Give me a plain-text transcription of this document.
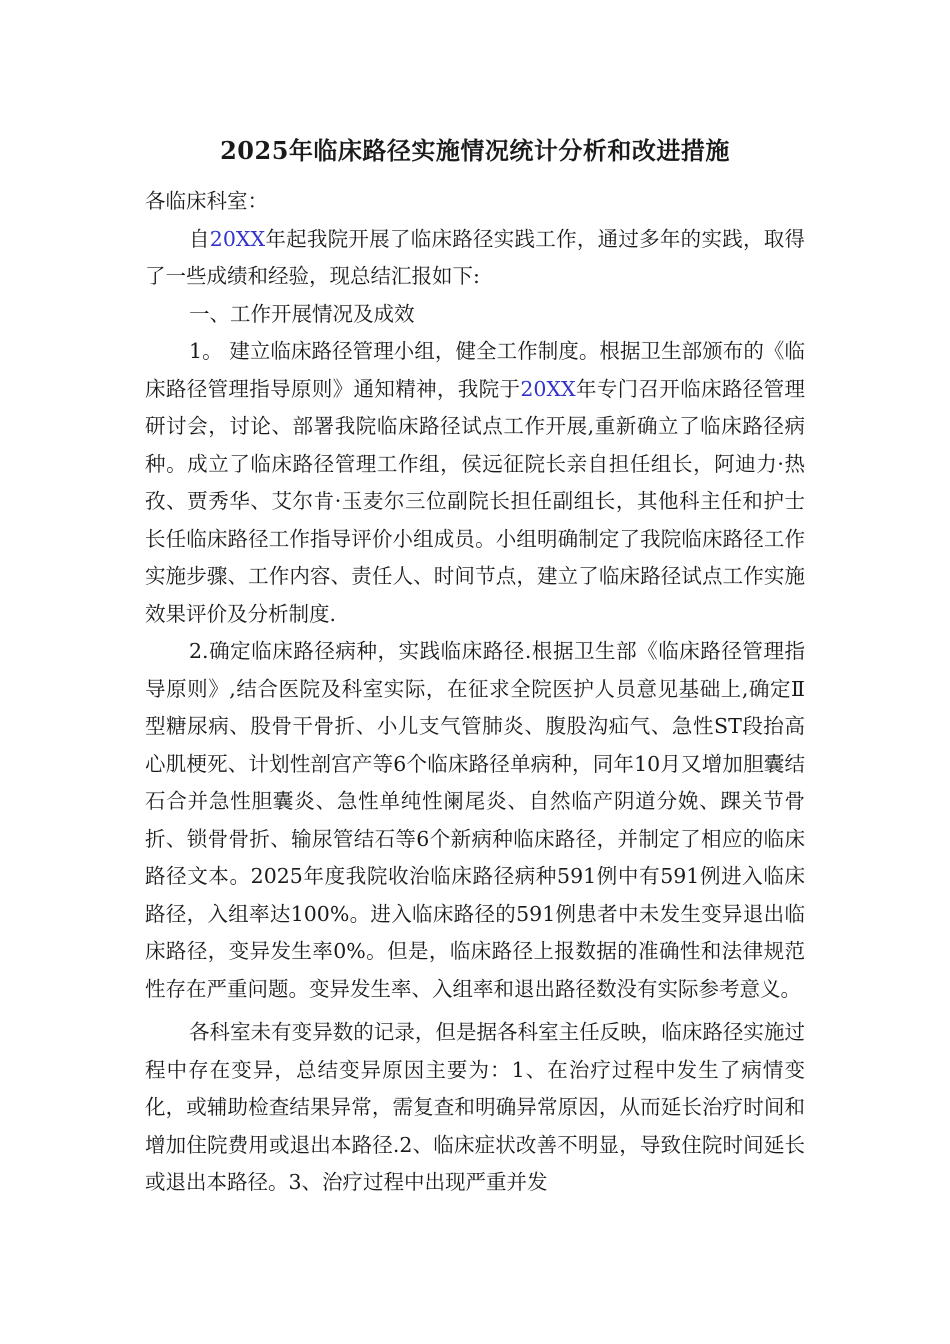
2025年临床路径实施情况统计分析和改进措施

各临床科室：

自20XX年起我院开展了临床路径实践工作，通过多年的实践，取得了一些成绩和经验，现总结汇报如下:

一、工作开展情况及成效

1。 建立临床路径管理小组，健全工作制度。根据卫生部颁布的《临床路径管理指导原则》通知精神，我院于20XX年专门召开临床路径管理研讨会，讨论、部署我院临床路径试点工作开展,重新确立了临床路径病种。成立了临床路径管理工作组，侯远征院长亲自担任组长，阿迪力·热孜、贾秀华、艾尔肯·玉麦尔三位副院长担任副组长，其他科主任和护士长任临床路径工作指导评价小组成员。小组明确制定了我院临床路径工作实施步骤、工作内容、责任人、时间节点，建立了临床路径试点工作实施效果评价及分析制度.

2.确定临床路径病种，实践临床路径.根据卫生部《临床路径管理指导原则》,结合医院及科室实际，在征求全院医护人员意见基础上,确定Ⅱ型糖尿病、股骨干骨折、小儿支气管肺炎、腹股沟疝气、急性ST段抬高心肌梗死、计划性剖宫产等6个临床路径单病种，同年10月又增加胆囊结石合并急性胆囊炎、急性单纯性阑尾炎、自然临产阴道分娩、踝关节骨折、锁骨骨折、输尿管结石等6个新病种临床路径，并制定了相应的临床路径文本。2025年度我院收治临床路径病种591例中有591例进入临床路径，入组率达100%。进入临床路径的591例患者中未发生变异退出临床路径，变异发生率0%。但是，临床路径上报数据的准确性和法律规范性存在严重问题。变异发生率、入组率和退出路径数没有实际参考意义。

各科室未有变异数的记录，但是据各科室主任反映，临床路径实施过程中存在变异，总结变异原因主要为：1、在治疗过程中发生了病情变化，或辅助检查结果异常，需复查和明确异常原因，从而延长治疗时间和增加住院费用或退出本路径.2、临床症状改善不明显，导致住院时间延长或退出本路径。3、治疗过程中出现严重并发
